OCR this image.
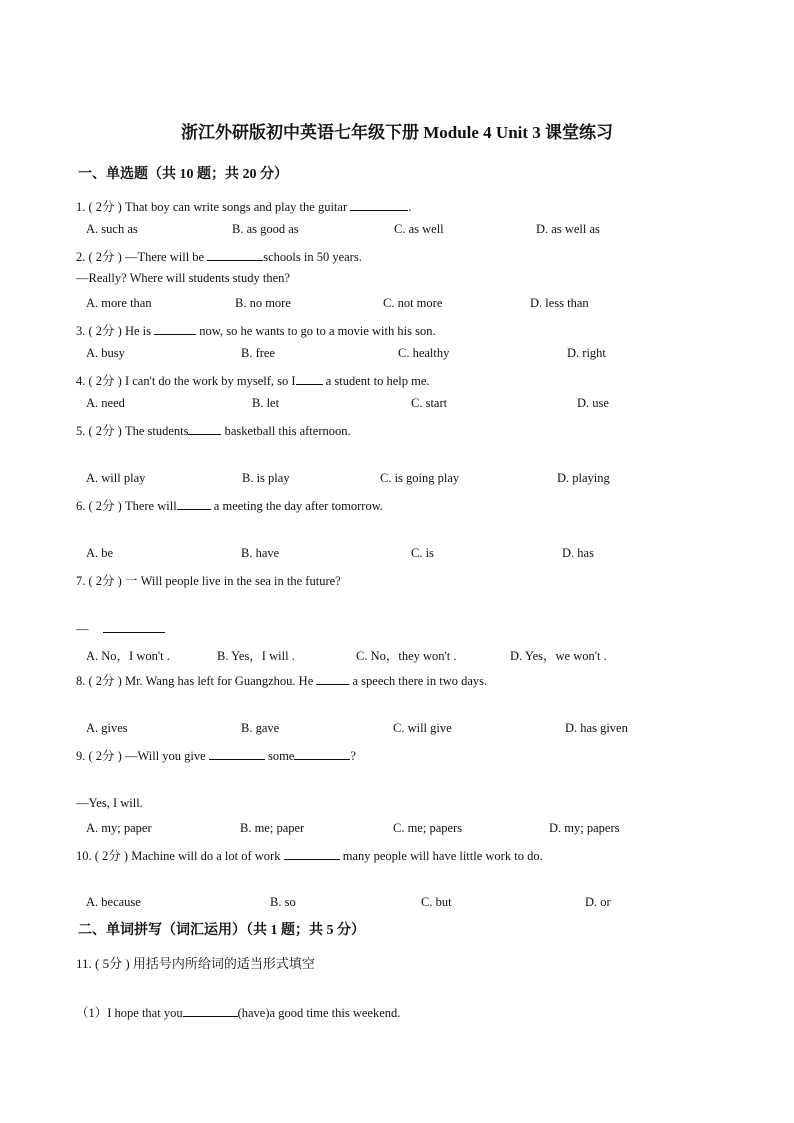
浙江外研版初中英语七年级下册 Module 4 Unit 3 课堂练习
一、单选题（共 10 题；共 20 分）
1. ( 2分 ) That boy can write songs and play the guitar	.
A. such as	B. as good as	C. as well	D. as well as
2. ( 2分 ) —There will be	schools in 50 years.
—Really? Where will students study then?
A. more than	B. no more	C. not more	D. less than
3. ( 2分 ) He is	now, so he wants to go to a movie with his son.
A. busy	B. free	C. healthy	D. right
4. ( 2分 ) I can't do the work by myself, so I a student to help me.
A. need	B. let	C. start	D. use
5. ( 2分 ) The students	basketball this afternoon.
A. will play	B. is play	C. is going play	D. playing
6. ( 2分 ) There will	a meeting the day after tomorrow.
A. be	B. have	C. is	D. has
7. ( 2分 ) 一 Will people live in the sea in the future?
—
A. No，I won't .	B. Yes，I will .	C. No，they won't .	D. Yes，we won't .
8. ( 2分 ) Mr. Wang has left for Guangzhou. He	a speech there in two days.
A. gives	B. gave	C. will give	D. has given
9. ( 2分 ) —Will you give	some	?
—Yes, I will.
A. my; paper	B. me; paper	C. me; papers	D. my; papers
10. ( 2分 ) Machine will do a lot of work	many people will have little work to do.
A. because	B. so	C. but	D. or
二、单词拼写（词汇运用）（共 1 题；共 5 分）
11. ( 5分 ) 用括号内所给词的适当形式填空
（1）I hope that you	(have)a good time this weekend.
